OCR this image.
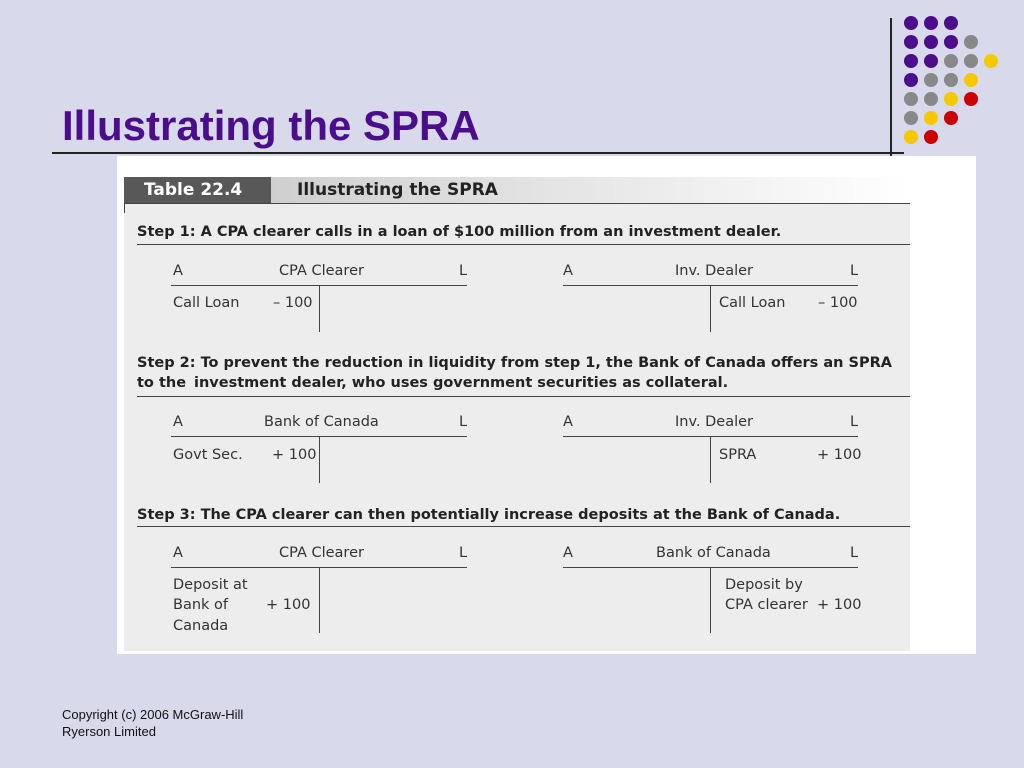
Illustrating the SPRA
Table 22.4	Illustrating the SPRA
Step 1: A CPA clearer calls in a loan of $100 million from an investment dealer.
A	CPA Clearer	L
Call Loan – 100
A	Inv. Dealer	L
Call Loan – 100
Step 2: To prevent the reduction in liquidity from step 1, the Bank of Canada offers an SPRA to the investment dealer, who uses government securities as collateral.
A	Bank of Canada	L
Govt Sec. + 100
A	Inv. Dealer	L
SPRA	+ 100
Step 3: The CPA clearer can then potentially increase deposits at the Bank of Canada.
A	CPA Clearer	L
Deposit at
Bank of
Canada
+ 100
A	Bank of Canada	L
Deposit by
CPA clearer + 100
Copyright (c) 2006 McGraw-Hill
Ryerson Limited
